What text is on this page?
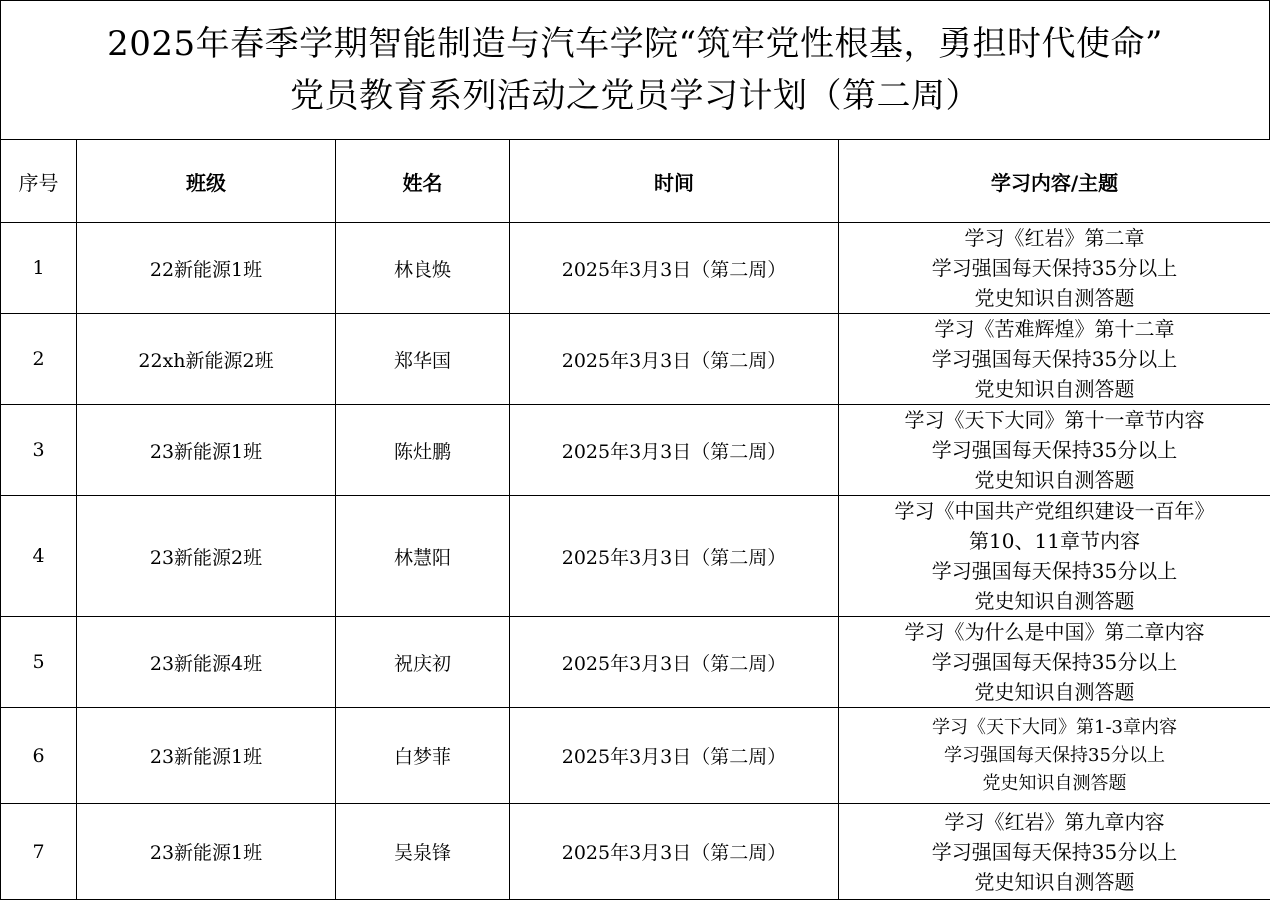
2025年春季学期智能制造与汽车学院“筑牢党性根基，勇担时代使命”
党员教育系列活动之党员学习计划（第二周）
序号	班级	姓名	时间	学习内容/主题
1	22新能源1班	林良焕	2025年3月3日（第二周）	学习《红岩》第二章
学习强国每天保持35分以上
党史知识自测答题

2	22xh新能源2班	郑华国	2025年3月3日（第二周）	学习《苦难辉煌》第十二章
学习强国每天保持35分以上
党史知识自测答题

3	23新能源1班	陈灶鹏	2025年3月3日（第二周）	学习《天下大同》第十一章节内容
学习强国每天保持35分以上
党史知识自测答题

4	23新能源2班	林慧阳	2025年3月3日（第二周）	学习《中国共产党组织建设一百年》
第10、11章节内容
学习强国每天保持35分以上
党史知识自测答题

5	23新能源4班	祝庆初	2025年3月3日（第二周）	学习《为什么是中国》第二章内容
学习强国每天保持35分以上
党史知识自测答题

6	23新能源1班	白梦菲	2025年3月3日（第二周）	学习《天下大同》第1-3章内容
学习强国每天保持35分以上
党史知识自测答题

7	23新能源1班	吴泉锋	2025年3月3日（第二周）	学习《红岩》第九章内容
学习强国每天保持35分以上
党史知识自测答题
